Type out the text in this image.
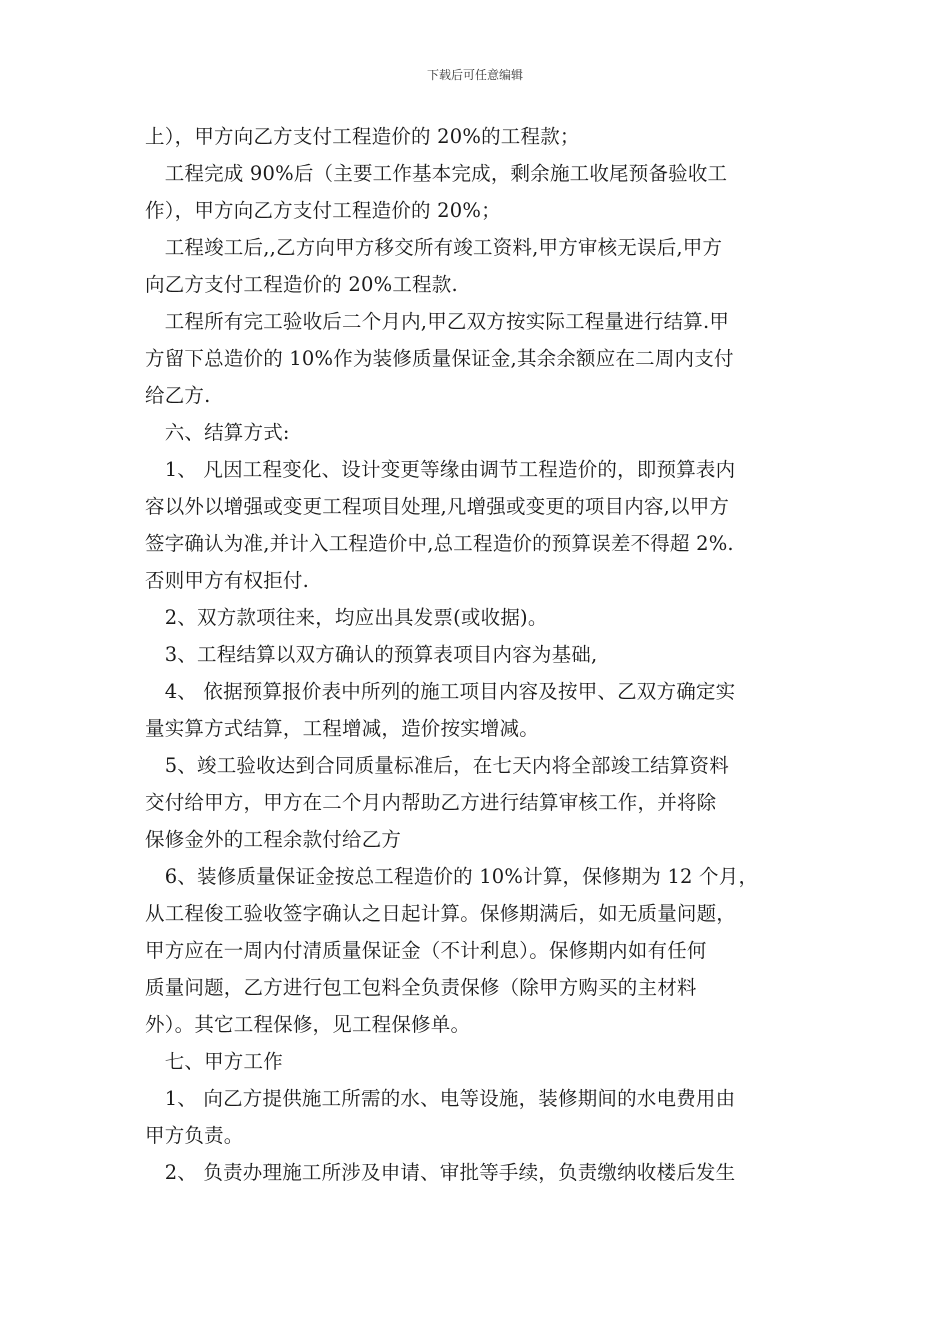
下载后可任意编辑
上），甲方向乙方支付工程造价的 20%的工程款；
　工程完成 90%后（主要工作基本完成，剩余施工收尾预备验收工
作），甲方向乙方支付工程造价的 20%；
　工程竣工后,,乙方向甲方移交所有竣工资料,甲方审核无误后,甲方
向乙方支付工程造价的 20%工程款.
　工程所有完工验收后二个月内,甲乙双方按实际工程量进行结算.甲
方留下总造价的 10%作为装修质量保证金,其余余额应在二周内支付
给乙方.
　六、结算方式:
　1、 凡因工程变化、设计变更等缘由调节工程造价的，即预算表内
容以外以增强或变更工程项目处理,凡增强或变更的项目内容,以甲方
签字确认为准,并计入工程造价中,总工程造价的预算误差不得超 2%.
否则甲方有权拒付.
　2、双方款项往来，均应出具发票(或收据)。
　3、工程结算以双方确认的预算表项目内容为基础,
　4、 依据预算报价表中所列的施工项目内容及按甲、乙双方确定实
量实算方式结算，工程增减，造价按实增减。
　5、竣工验收达到合同质量标准后，在七天内将全部竣工结算资料
交付给甲方，甲方在二个月内帮助乙方进行结算审核工作，并将除
保修金外的工程余款付给乙方
　6、装修质量保证金按总工程造价的 10%计算，保修期为 12 个月，
从工程俊工验收签字确认之日起计算。保修期满后，如无质量问题，
甲方应在一周内付清质量保证金（不计利息）。保修期内如有任何
质量问题，乙方进行包工包料全负责保修（除甲方购买的主材料
外）。其它工程保修，见工程保修单。
　七、甲方工作
　1、 向乙方提供施工所需的水、电等设施，装修期间的水电费用由
甲方负责。
　2、 负责办理施工所涉及申请、审批等手续，负责缴纳收楼后发生
